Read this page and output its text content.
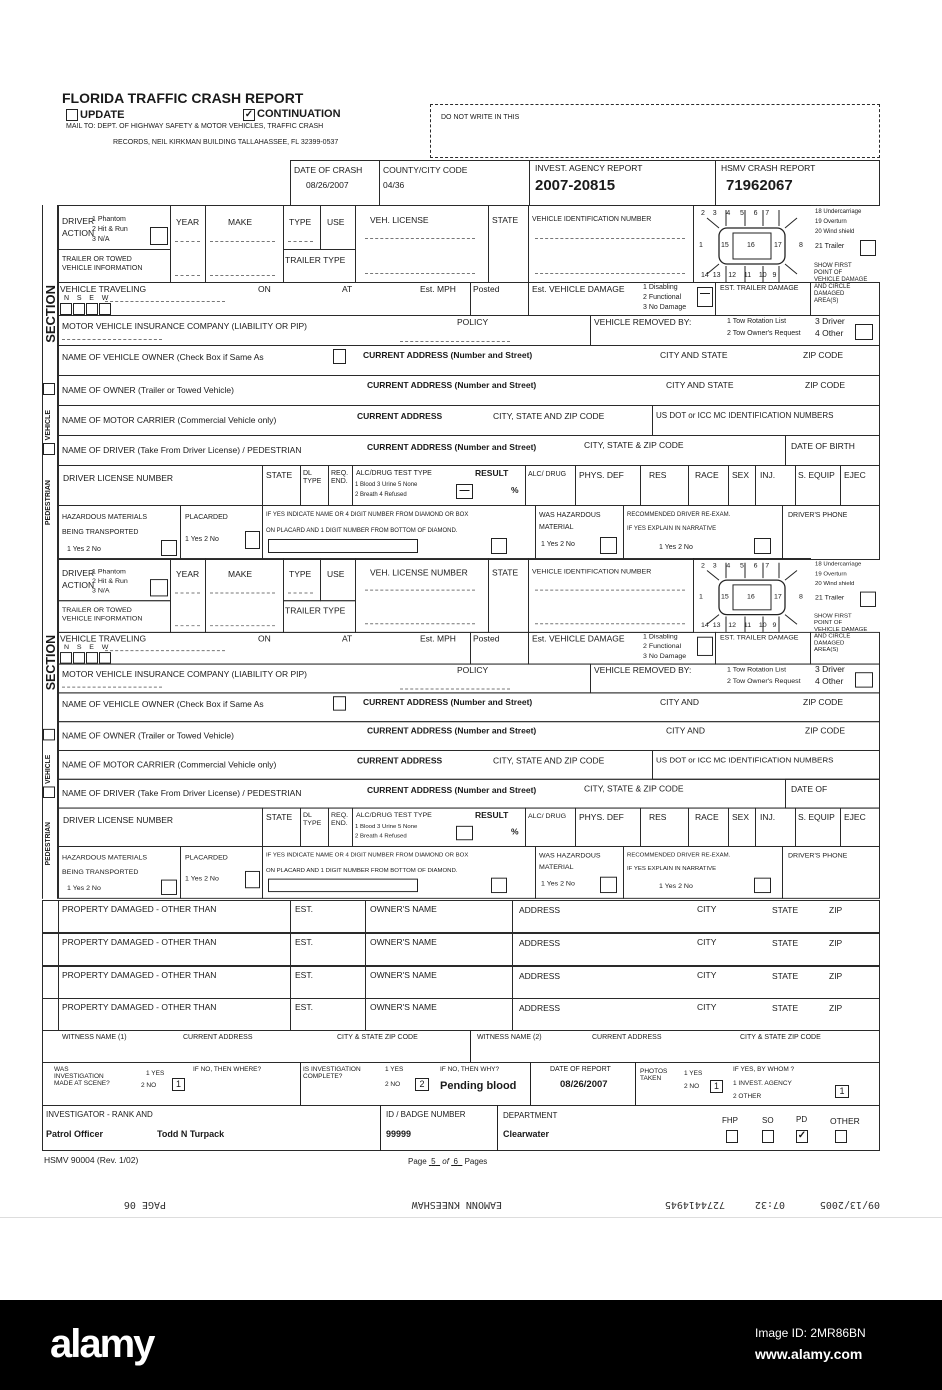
FLORIDA TRAFFIC CRASH REPORT
UPDATE	✓ CONTINUATION
MAIL TO: DEPT. OF HIGHWAY SAFETY & MOTOR VEHICLES, TRAFFIC CRASH
RECORDS, NEIL KIRKMAN BUILDING TALLAHASSEE, FL 32399-0537
DO NOT WRITE IN THIS
DATE OF CRASH
08/26/2007
COUNTY/CITY CODE
04/36
INVEST. AGENCY REPORT
2007-20815
HSMV CRASH REPORT
71962067
SECTION
VEHICLE
PEDESTRIAN
DRIVER
ACTION
1 Phantom
2 Hit & Run
3 N/A
YEAR	MAKE	TYPE USE	VEH. LICENSE	STATE VEHICLE IDENTIFICATION NUMBER
2 3 4 5 6 7
1	15	16	17 8
14 13 12 11 10 9
18 Undercarriage
19 Overturn
20 Wind shield
21 Trailer
TRAILER OR TOWED
VEHICLE INFORMATION
TRAILER TYPE
VEHICLE TRAVELING
N S E W
ON	AT	Est. MPH Posted	Est. VEHICLE DAMAGE	1 Disabling
2 Functional
3 No Damage
—	EST. TRAILER DAMAGE
SHOW FIRST
POINT OF
VEHICLE DAMAGE
AND CIRCLE
DAMAGED
AREA(S)
MOTOR VEHICLE INSURANCE COMPANY (LIABILITY OR PIP)	POLICY	VEHICLE REMOVED BY:	1 Tow Rotation List
2 Tow Owner's Request
3 Driver
4 Other
NAME OF VEHICLE OWNER (Check Box if Same As	CURRENT ADDRESS (Number and Street)	CITY AND STATE	ZIP CODE
NAME OF OWNER (Trailer or Towed Vehicle)	CURRENT ADDRESS (Number and Street)	CITY AND STATE	ZIP CODE
NAME OF MOTOR CARRIER (Commercial Vehicle only)	CURRENT ADDRESS	CITY, STATE AND ZIP CODE	US DOT or ICC MC IDENTIFICATION NUMBERS
NAME OF DRIVER (Take From Driver License) / PEDESTRIAN	CURRENT ADDRESS (Number and Street)	CITY, STATE & ZIP CODE	DATE OF BIRTH
DRIVER LICENSE NUMBER	STATE DL
TYPE
REQ.
END.
ALC/DRUG TEST TYPE	RESULT
1 Blood 3 Urine 5 None
2 Breath 4 Refused	—	%
ALC/ DRUG PHYS. DEF	RES	RACE SEX INJ.	S. EQUIP EJEC
HAZARDOUS MATERIALS
BEING TRANSPORTED
1 Yes 2 No
PLACARDED
1 Yes 2 No
IF YES INDICATE NAME OR 4 DIGIT NUMBER FROM DIAMOND OR BOX
ON PLACARD AND 1 DIGIT NUMBER FROM BOTTOM OF DIAMOND.
WAS HAZARDOUS
MATERIAL
1 Yes 2 No
RECOMMENDED DRIVER RE-EXAM.
IF YES EXPLAIN IN NARRATIVE
1 Yes 2 No
DRIVER'S PHONE
SECTION
VEHICLE
PEDESTRIAN
DRIVER
ACTION
1 Phantom
2 Hit & Run
3 N/A
YEAR	MAKE	TYPE USE	VEH. LICENSE NUMBER	STATE VEHICLE IDENTIFICATION NUMBER
2 3 4 5 6 7
1	15	16	17 8
14 13 12 11 10 9
18 Undercarriage
19 Overturn
20 Wind shield
21 Trailer
TRAILER OR TOWED
VEHICLE INFORMATION
TRAILER TYPE
VEHICLE TRAVELING
N S E W
ON	AT	Est. MPH Posted	Est. VEHICLE DAMAGE	1 Disabling
2 Functional
3 No Damage
EST. TRAILER DAMAGE
SHOW FIRST
POINT OF
VEHICLE DAMAGE
AND CIRCLE
DAMAGED
AREA(S)
MOTOR VEHICLE INSURANCE COMPANY (LIABILITY OR PIP)	POLICY	VEHICLE REMOVED BY:	1 Tow Rotation List
2 Tow Owner's Request
3 Driver
4 Other
NAME OF VEHICLE OWNER (Check Box if Same As	CURRENT ADDRESS (Number and Street)	CITY AND	ZIP CODE
NAME OF OWNER (Trailer or Towed Vehicle)	CURRENT ADDRESS (Number and Street)	CITY AND	ZIP CODE
NAME OF MOTOR CARRIER (Commercial Vehicle only)	CURRENT ADDRESS	CITY, STATE AND ZIP CODE	US DOT or ICC MC IDENTIFICATION NUMBERS
NAME OF DRIVER (Take From Driver License) / PEDESTRIAN	CURRENT ADDRESS (Number and Street)	CITY, STATE & ZIP CODE	DATE OF
DRIVER LICENSE NUMBER	STATE DL
TYPE
REQ.
END.
ALC/DRUG TEST TYPE	RESULT
1 Blood 3 Urine 5 None
2 Breath 4 Refused	%
ALC/ DRUG PHYS. DEF	RES	RACE SEX INJ.	S. EQUIP EJEC
HAZARDOUS MATERIALS
BEING TRANSPORTED
1 Yes 2 No
PLACARDED
1 Yes 2 No
IF YES INDICATE NAME OR 4 DIGIT NUMBER FROM DIAMOND OR BOX
ON PLACARD AND 1 DIGIT NUMBER FROM BOTTOM OF DIAMOND.
WAS HAZARDOUS
MATERIAL
1 Yes 2 No
RECOMMENDED DRIVER RE-EXAM.
IF YES EXPLAIN IN NARRATIVE
1 Yes 2 No
DRIVER'S PHONE
PROPERTY DAMAGED - OTHER THAN	EST.	OWNER'S NAME	ADDRESS	CITY	STATE	ZIP
PROPERTY DAMAGED - OTHER THAN	EST.	OWNER'S NAME	ADDRESS	CITY	STATE	ZIP
PROPERTY DAMAGED - OTHER THAN	EST.	OWNER'S NAME	ADDRESS	CITY	STATE	ZIP
PROPERTY DAMAGED - OTHER THAN	EST.	OWNER'S NAME	ADDRESS	CITY	STATE	ZIP
WITNESS NAME (1)	CURRENT ADDRESS	CITY & STATE ZIP CODE	WITNESS NAME (2)	CURRENT ADDRESS	CITY & STATE ZIP CODE
WAS
INVESTIGATION
MADE AT SCENE?
1 YES
2 NO	1
IF NO, THEN WHERE?	IS INVESTIGATION
COMPLETE?
1 YES
2 NO	2
IF NO, THEN WHY?
Pending blood
DATE OF REPORT
08/26/2007
PHOTOS
TAKEN
1 YES
2 NO	1
IF YES, BY WHOM ?
1 INVEST. AGENCY
2 OTHER
1
INVESTIGATOR - RANK AND
Patrol Officer	Todd N Turpack
ID / BADGE NUMBER
99999
DEPARTMENT
Clearwater
FHP	SO	PD
✓
OTHER
HSMV 90004 (Rev. 1/02)	Page 5 of 6 Pages
09/13/2005
07:32
7274414945
EAMONN KNEESHAW
PAGE 06
alamy	Image ID: 2MR86BN
www.alamy.com
